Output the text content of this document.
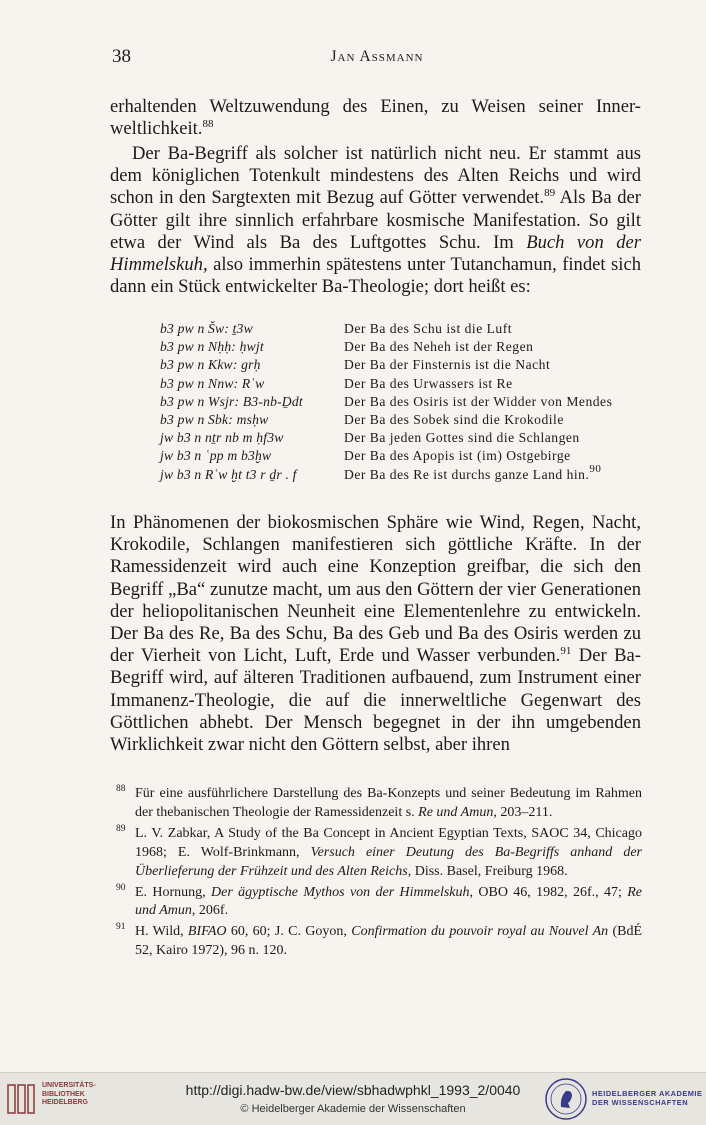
38	Jan Assmann

erhaltenden Weltzuwendung des Einen, zu Weisen seiner Inner-weltlichkeit.$^{88}$

Der Ba-Begriff als solcher ist natürlich nicht neu. Er stammt aus dem königlichen Totenkult mindestens des Alten Reichs und wird schon in den Sargtexten mit Bezug auf Götter verwendet.$^{89}$ Als Ba der Götter gilt ihre sinnlich erfahrbare kosmische Manifestation. So gilt etwa der Wind als Ba des Luftgottes Schu. Im Buch von der Himmelskuh, also immerhin spätestens unter Tutanchamun, findet sich dann ein Stück entwickelter Ba-Theologie; dort heißt es:

b3 pw n Šw: ṯ3w	Der Ba des Schu ist die Luft
b3 pw n Nḥḥ: ḥwjt	Der Ba des Neheh ist der Regen
b3 pw n Kkw: grḥ	Der Ba der Finsternis ist die Nacht
b3 pw n Nnw: Rʿw	Der Ba des Urwassers ist Re
b3 pw n Wsjr: B3-nb-Ḏdt	Der Ba des Osiris ist der Widder von Mendes
b3 pw n Sbk: msḥw	Der Ba des Sobek sind die Krokodile
jw b3 n nṯr nb m ḥf3w	Der Ba jeden Gottes sind die Schlangen
jw b3 n ʿpp m b3ḫw	Der Ba des Apopis ist (im) Ostgebirge
jw b3 n Rʿw ḫt t3 r ḏr . f	Der Ba des Re ist durchs ganze Land hin.$^{90}$

In Phänomenen der biokosmischen Sphäre wie Wind, Regen, Nacht, Krokodile, Schlangen manifestieren sich göttliche Kräfte. In der Ramessidenzeit wird auch eine Konzeption greifbar, die sich den Begriff „Ba“ zunutze macht, um aus den Göttern der vier Generationen der heliopolitanischen Neunheit eine Elementenlehre zu entwickeln. Der Ba des Re, Ba des Schu, Ba des Geb und Ba des Osiris werden zu der Vierheit von Licht, Luft, Erde und Wasser verbunden.$^{91}$ Der Ba-Begriff wird, auf älteren Traditionen aufbauend, zum Instrument einer Immanenz-Theologie, die auf die innerweltliche Gegenwart des Göttlichen abhebt. Der Mensch begegnet in der ihn umgebenden Wirklichkeit zwar nicht den Göttern selbst, aber ihren

88 Für eine ausführlichere Darstellung des Ba-Konzepts und seiner Bedeutung im Rahmen der thebanischen Theologie der Ramessidenzeit s. Re und Amun, 203–211.
89 L. V. Zabkar, A Study of the Ba Concept in Ancient Egyptian Texts, SAOC 34, Chicago 1968; E. Wolf-Brinkmann, Versuch einer Deutung des Ba-Begriffs anhand der Überlieferung der Frühzeit und des Alten Reichs, Diss. Basel, Freiburg 1968.
90 E. Hornung, Der ägyptische Mythos von der Himmelskuh, OBO 46, 1982, 26f., 47; Re und Amun, 206f.
91 H. Wild, BIFAO 60, 60; J. C. Goyon, Confirmation du pouvoir royal au Nouvel An (BdÉ 52, Kairo 1972), 96 n. 120.
UNIVERSITÄTS-
BIBLIOTHEK
HEIDELBERG
http://digi.hadw-bw.de/view/sbhadwphkl_1993_2/0040
© Heidelberger Akademie der Wissenschaften
HEIDELBERGER AKADEMIE
DER WISSENSCHAFTEN
